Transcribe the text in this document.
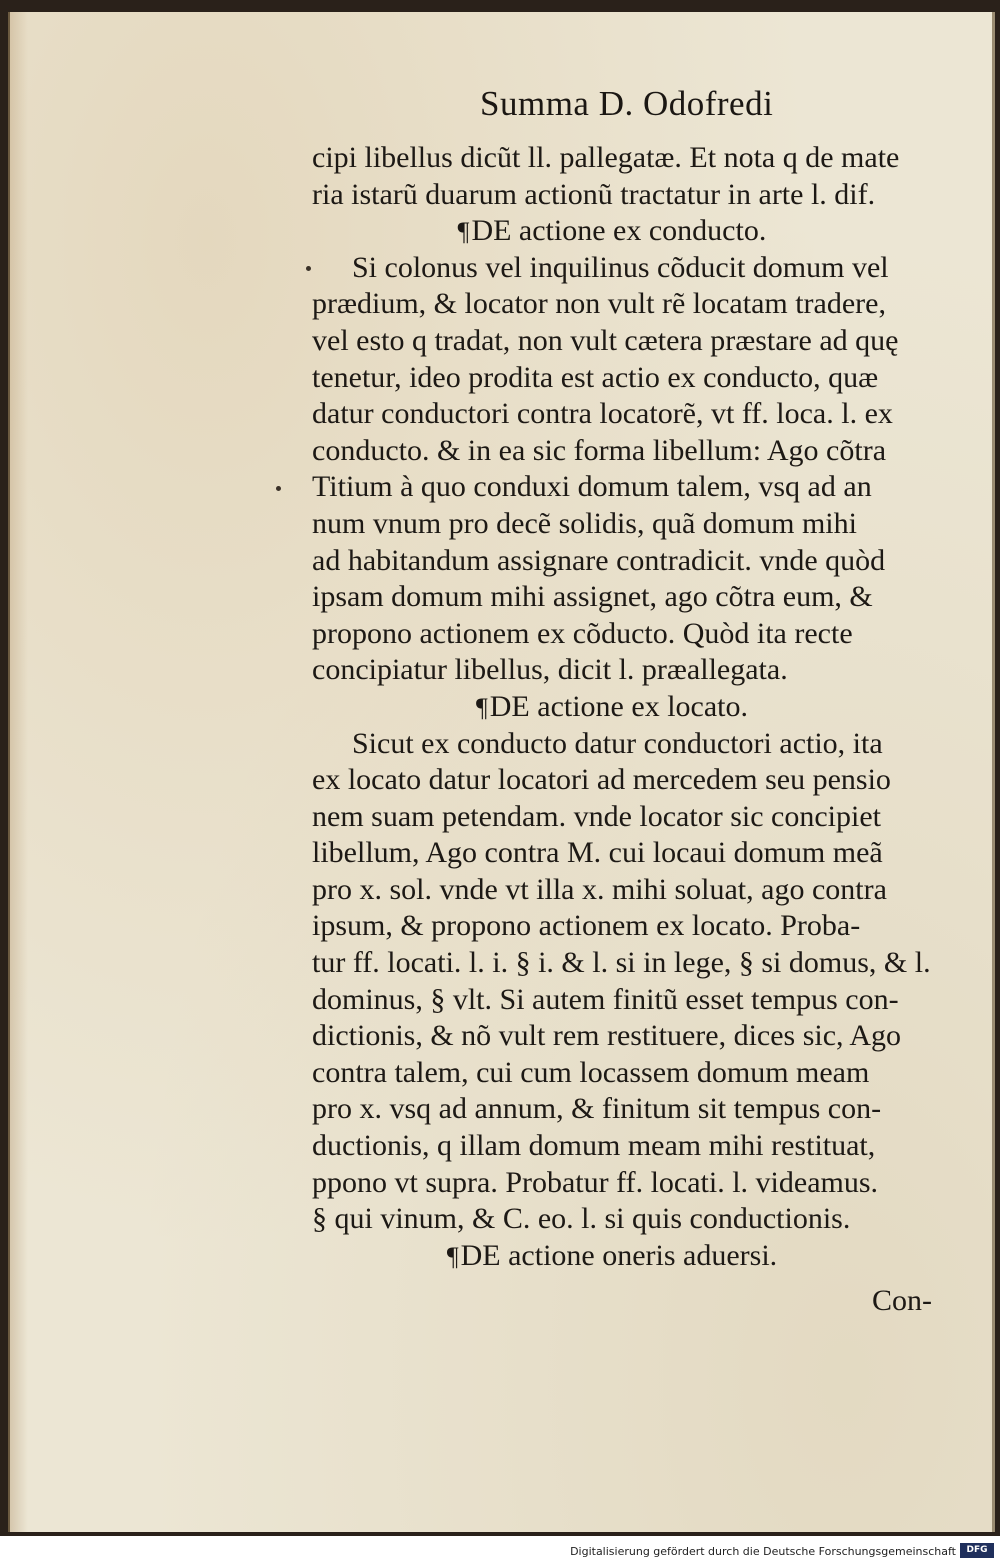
Summa D. Odofredi
cipi libellus dicũt ll. pallegatæ. Et nota q de mate
ria istarũ duarum actionũ tractatur in arte l. dif.
¶DE actione ex conducto.
Si colonus vel inquilinus cõducit domum vel
prædium, & locator non vult rẽ locatam tradere,
vel esto q tradat, non vult cætera præstare ad quę
tenetur, ideo prodita est actio ex conducto, quæ
datur conductori contra locatorẽ, vt ff. loca. l. ex
conducto. & in ea sic forma libellum: Ago cõtra
Titium à quo conduxi domum talem, vsq ad an
num vnum pro decẽ solidis, quã domum mihi
ad habitandum assignare contradicit. vnde quòd
ipsam domum mihi assignet, ago cõtra eum, &
propono actionem ex cõducto. Quòd ita recte
concipiatur libellus, dicit l. præallegata.
¶DE actione ex locato.
Sicut ex conducto datur conductori actio, ita
ex locato datur locatori ad mercedem seu pensio
nem suam petendam. vnde locator sic concipiet
libellum, Ago contra M. cui locaui domum meã
pro x. sol. vnde vt illa x. mihi soluat, ago contra
ipsum, & propono actionem ex locato. Proba-
tur ff. locati. l. i. § i. & l. si in lege, § si domus, & l.
dominus, § vlt. Si autem finitũ esset tempus con-
dictionis, & nõ vult rem restituere, dices sic, Ago
contra talem, cui cum locassem domum meam
pro x. vsq ad annum, & finitum sit tempus con-
ductionis, q illam domum meam mihi restituat,
ppono vt supra. Probatur ff. locati. l. videamus.
§ qui vinum, & C. eo. l. si quis conductionis.
¶DE actione oneris aduersi.
Con-
Digitalisierung gefördert durch die Deutsche Forschungsgemeinschaft	DFG
